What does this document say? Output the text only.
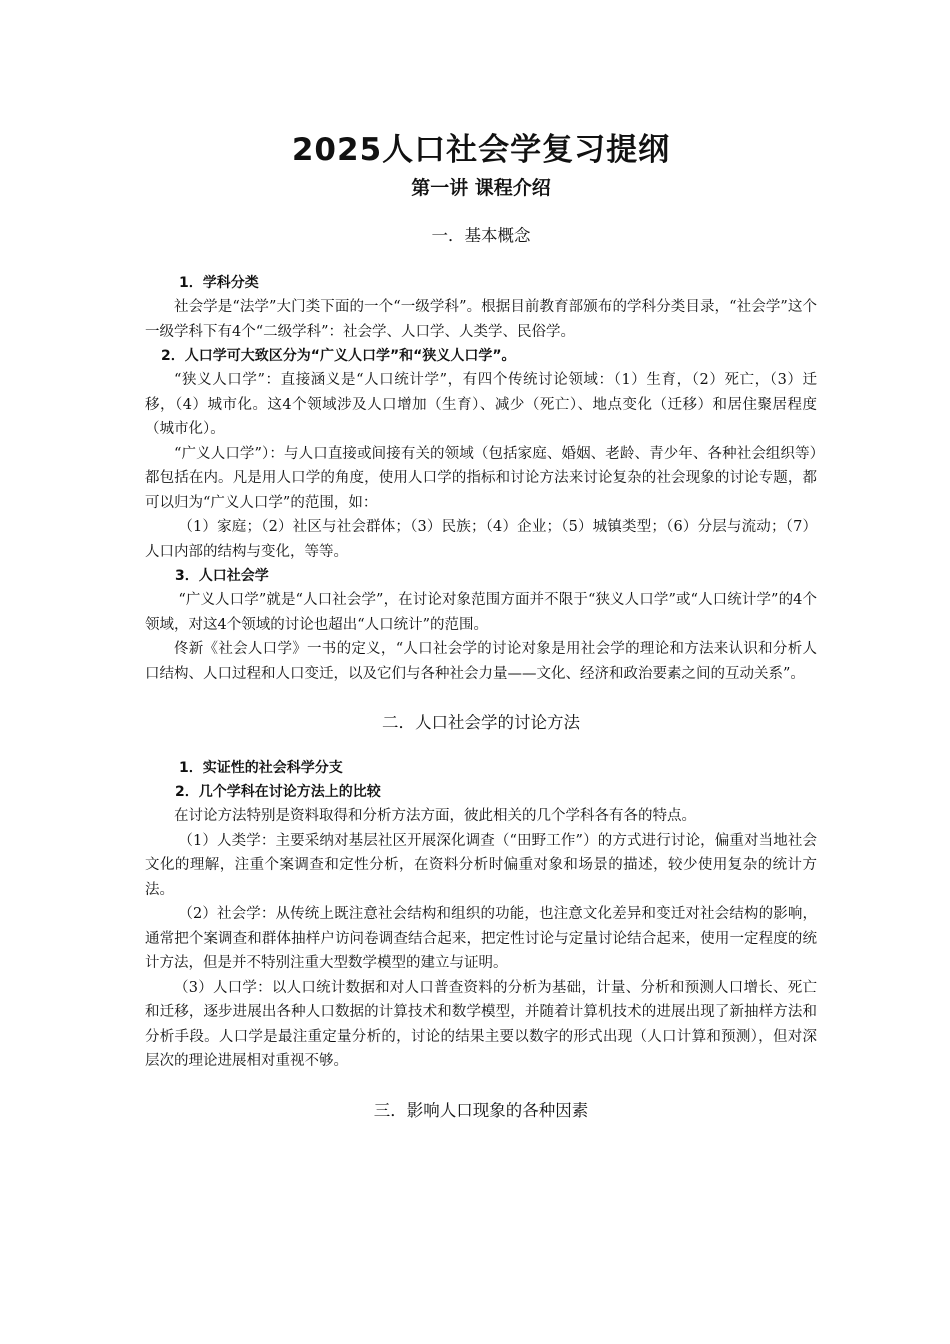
2025人口社会学复习提纲
第一讲 课程介绍
一．基本概念

1．学科分类

社会学是“法学”大门类下面的一个“一级学科”。根据目前教育部颁布的学科分类目录，“社会学”这个一级学科下有4个“二级学科”：社会学、人口学、人类学、民俗学。

2．人口学可大致区分为“广义人口学”和“狭义人口学”。

“狭义人口学”：直接涵义是“人口统计学”，有四个传统讨论领域：（1）生育，（2）死亡，（3）迁移，（4）城市化。这4个领域涉及人口增加（生育）、减少（死亡）、地点变化（迁移）和居住聚居程度（城市化）。

“广义人口学”）：与人口直接或间接有关的领域（包括家庭、婚姻、老龄、青少年、各种社会组织等）都包括在内。凡是用人口学的角度，使用人口学的指标和讨论方法来讨论复杂的社会现象的讨论专题，都可以归为“广义人口学”的范围，如：

（1）家庭；（2）社区与社会群体；（3）民族；（4）企业；（5）城镇类型；（6）分层与流动；（7）人口内部的结构与变化，等等。

3．人口社会学

“广义人口学”就是“人口社会学”，在讨论对象范围方面并不限于“狭义人口学”或“人口统计学”的4个领域，对这4个领域的讨论也超出“人口统计”的范围。

佟新《社会人口学》一书的定义，“人口社会学的讨论对象是用社会学的理论和方法来认识和分析人口结构、人口过程和人口变迁，以及它们与各种社会力量——文化、经济和政治要素之间的互动关系”。

二．人口社会学的讨论方法

1．实证性的社会科学分支

2．几个学科在讨论方法上的比较

在讨论方法特别是资料取得和分析方法方面，彼此相关的几个学科各有各的特点。

（1）人类学：主要采纳对基层社区开展深化调查（“田野工作”）的方式进行讨论，偏重对当地社会文化的理解，注重个案调查和定性分析，在资料分析时偏重对象和场景的描述，较少使用复杂的统计方法。

（2）社会学：从传统上既注意社会结构和组织的功能，也注意文化差异和变迁对社会结构的影响，通常把个案调查和群体抽样户访问卷调查结合起来，把定性讨论与定量讨论结合起来，使用一定程度的统计方法，但是并不特别注重大型数学模型的建立与证明。

（3）人口学：以人口统计数据和对人口普查资料的分析为基础，计量、分析和预测人口增长、死亡和迁移，逐步进展出各种人口数据的计算技术和数学模型，并随着计算机技术的进展出现了新抽样方法和分析手段。人口学是最注重定量分析的，讨论的结果主要以数字的形式出现（人口计算和预测），但对深层次的理论进展相对重视不够。

三．影响人口现象的各种因素
